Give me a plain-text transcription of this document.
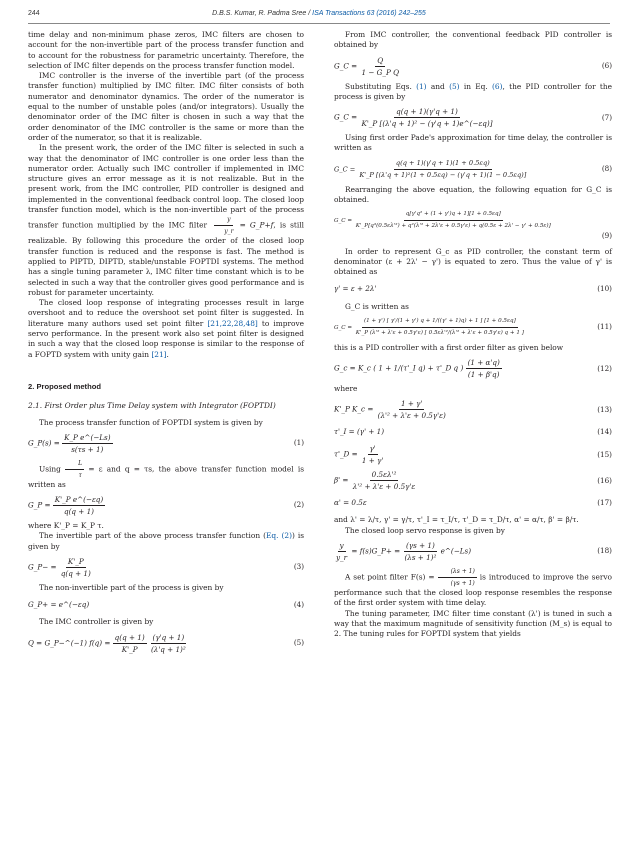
244	D.B.S. Kumar, R. Padma Sree / ISA Transactions 63 (2016) 242–255

time delay and non-minimum phase zeros, IMC filters are chosen to account for the non-invertible part of the process transfer function and to account for the robustness for parametric uncertainty. Therefore, the selection of IMC filter depends on the process transfer function model.

IMC controller is the inverse of the invertible part (of the process transfer function) multiplied by IMC filter. IMC filter consists of both numerator and denominator dynamics. The order of the numerator is equal to the number of unstable poles (and/or integrators). Usually the denominator order of the IMC filter is chosen in such a way that the order denominator of the IMC controller is the same or more than the order of the numerator, so that it is realizable.

In the present work, the order of the IMC filter is selected in such a way that the denominator of IMC controller is one order less than the numerator order. Actually such IMC controller if implemented in IMC structure gives an error message as it is not realizable. But in the present work, from the IMC controller, PID controller is designed and implemented in the conventional feedback control loop. The closed loop transfer function model, which is the non-invertible part of the process transfer function multiplied by the IMC filter $\frac{y}{y\_r}$ = G_P+f, is still realizable. By following this procedure the order of the closed loop transfer function is reduced and the response is fast. The method is applied to PIPTD, DIPTD, stable/unstable FOPTDI systems. The method has a single tuning parameter λ, IMC filter time constant which is to be selected in such a way that the controller gives good performance and is robust for parameter uncertainty.

The closed loop response of integrating processes result in large overshoot and to reduce the overshoot set point filter is suggested. In literature many authors used set point filter [21,22,28,48] to improve servo performance. In the present work also set point filter is designed in such a way that the closed loop response is similar to the response of a FOPTD system with unity gain [21].

2. Proposed method
2.1. First Order plus Time Delay system with Integrator (FOPTDI)

The process transfer function of FOPTDI system is given by

G_P(s) = $\frac{\text{K\_P e\textasciicircum{}(−Ls)}}{s(\tau s + 1)}$	(1)

Using $\frac{L}{\tau} = \varepsilon$ and q = τs, the above transfer function model is written as

G_P = $\frac{\text{K'\_P e\textasciicircum{}(−εq)}}{q(q + 1)}$	(2)

where K'_P = K_P τ.

The invertible part of the above process transfer function (Eq. (2)) is given by

G_P− = $\frac{K'\_P}{q(q + 1)}$	(3)

The non-invertible part of the process is given by

G_P+ = e^(−εq)	(4)

The IMC controller is given by

Q = G_P−^(−1) $f(q) = \frac{q(q + 1)}{K'\_P}$
$\frac{(\gamma'q + 1)}{\text{(λ'q + 1)²}}$	(5)

From IMC controller, the conventional feedback PID controller is obtained by

G_C = $\frac{Q}{\text{1 − G\_P Q}}$	(6)

Substituting Eqs. (1) and (5) in Eq. (6), the PID controller for the process is given by

G_C = $\frac{q(q + 1)(\gamma'q + 1)}{\text{K'\_P [(λ'q + 1)² − (γ'q + 1)e\textasciicircum{}(−εq)]}}$	(7)

Using first order Pade's approximation for time delay, the controller is written as

G_C = $\frac{q(q + 1)(\gamma'q + 1)(1 + 0.5\varepsilon q)}{\text{K'\_P [(λ'q + 1)²(1 + 0.5εq) − (γ'q + 1)(1 − 0.5εq)]}}$	(8)

Rearranging the above equation, the following equation for G_C is obtained.

G_C =
q[γ'q² + (1 + γ')q + 1][1 + 0.5εq]
K'_P[q³(0.5ελ'²) + q²(λ'² + 2λ'ε + 0.5γ'ε) + q(0.5ε + 2λ' − γ' + 0.5ε)]
(9)

In order to represent G_c as PID controller, the constant term of denominator (ε + 2λ' − γ') is equated to zero. Thus the value of γ' is obtained as

γ' = ε + 2λ'	(10)

G_C is written as

G_C =
(1 + γ') [ γ'/(1 + γ') q + 1/((γ' + 1)q) + 1 ] [1 + 0.5εq]
K'_P (λ'² + λ'ε + 0.5γ'ε) [ 0.5ελ'²/(λ'² + λ'ε + 0.5γ'ε) q + 1 ]
(11)

this is a PID controller with a first order filter as given below

G_c = K_c ( 1 + 1/(τ'_I q) + τ'_D q ) $\frac{(1 + \alpha'q)}{(1 + \beta'q)}$	(12)

where

K'_P K_c = $\frac{1 + \gamma'}{\text{(λ'² + λ'ε + 0.5γ'ε)}}$	(13)
τ'_I = (γ' + 1)	(14)
τ'_D = $\frac{\gamma'}{1 + \gamma'}$	(15)
$\beta' = \frac{\text{0.5ελ'²}}{\text{λ'² + λ'ε + 0.5γ'ε}}$	(16)
α' = 0.5ε	(17)

and λ' = λ/τ, γ' = γ/τ, τ'_I = τ_I/τ, τ'_D = τ_D/τ, α' = α/τ, β' = β/τ.

The closed loop servo response is given by

$\frac{y}{y\_r}$ = f(s)G_P+ = $\frac{(\gamma s + 1)}{\text{(λs + 1)²}}$ e^(−Ls)	(18)

A set point filter $F(s) = \frac{(\lambda s + 1)}{(\gamma s + 1)}$ is introduced to improve the servo performance such that the closed loop response resembles the response of the first order system with time delay.

The tuning parameter, IMC filter time constant (λ') is tuned in such a way that the maximum magnitude of sensitivity function (M_s) is equal to 2. The tuning rules for FOPTDI system that yields
